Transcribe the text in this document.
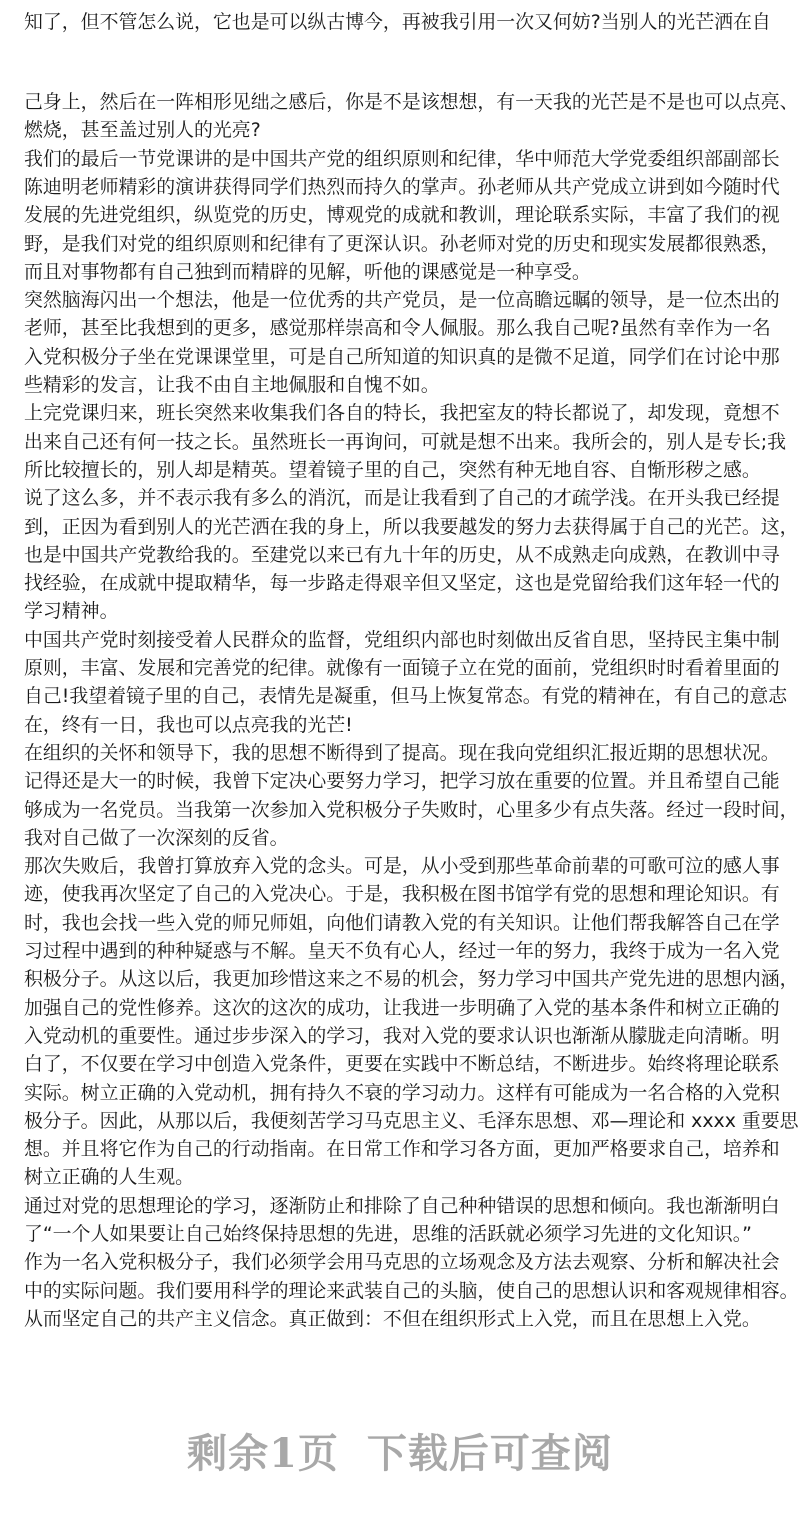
知了，但不管怎么说，它也是可以纵古博今，再被我引用一次又何妨?当别人的光芒洒在自
己身上，然后在一阵相形见绌之感后，你是不是该想想，有一天我的光芒是不是也可以点亮、
燃烧，甚至盖过别人的光亮?
我们的最后一节党课讲的是中国共产党的组织原则和纪律，华中师范大学党委组织部副部长
陈迪明老师精彩的演讲获得同学们热烈而持久的掌声。孙老师从共产党成立讲到如今随时代
发展的先进党组织，纵览党的历史，博观党的成就和教训，理论联系实际，丰富了我们的视
野，是我们对党的组织原则和纪律有了更深认识。孙老师对党的历史和现实发展都很熟悉，
而且对事物都有自己独到而精辟的见解，听他的课感觉是一种享受。
突然脑海闪出一个想法，他是一位优秀的共产党员，是一位高瞻远瞩的领导，是一位杰出的
老师，甚至比我想到的更多，感觉那样崇高和令人佩服。那么我自己呢?虽然有幸作为一名
入党积极分子坐在党课课堂里，可是自己所知道的知识真的是微不足道，同学们在讨论中那
些精彩的发言，让我不由自主地佩服和自愧不如。
上完党课归来，班长突然来收集我们各自的特长，我把室友的特长都说了，却发现，竟想不
出来自己还有何一技之长。虽然班长一再询问，可就是想不出来。我所会的，别人是专长;我
所比较擅长的，别人却是精英。望着镜子里的自己，突然有种无地自容、自惭形秽之感。
说了这么多，并不表示我有多么的消沉，而是让我看到了自己的才疏学浅。在开头我已经提
到，正因为看到别人的光芒洒在我的身上，所以我要越发的努力去获得属于自己的光芒。这，
也是中国共产党教给我的。至建党以来已有九十年的历史，从不成熟走向成熟，在教训中寻
找经验，在成就中提取精华，每一步路走得艰辛但又坚定，这也是党留给我们这年轻一代的
学习精神。
中国共产党时刻接受着人民群众的监督，党组织内部也时刻做出反省自思，坚持民主集中制
原则，丰富、发展和完善党的纪律。就像有一面镜子立在党的面前，党组织时时看着里面的
自己!我望着镜子里的自己，表情先是凝重，但马上恢复常态。有党的精神在，有自己的意志
在，终有一日，我也可以点亮我的光芒!
在组织的关怀和领导下，我的思想不断得到了提高。现在我向党组织汇报近期的思想状况。
记得还是大一的时候，我曾下定决心要努力学习，把学习放在重要的位置。并且希望自己能
够成为一名党员。当我第一次参加入党积极分子失败时，心里多少有点失落。经过一段时间，
我对自己做了一次深刻的反省。
那次失败后，我曾打算放弃入党的念头。可是，从小受到那些革命前辈的可歌可泣的感人事
迹，使我再次坚定了自己的入党决心。于是，我积极在图书馆学有党的思想和理论知识。有
时，我也会找一些入党的师兄师姐，向他们请教入党的有关知识。让他们帮我解答自己在学
习过程中遇到的种种疑惑与不解。皇天不负有心人，经过一年的努力，我终于成为一名入党
积极分子。从这以后，我更加珍惜这来之不易的机会，努力学习中国共产党先进的思想内涵，
加强自己的党性修养。这次的这次的成功，让我进一步明确了入党的基本条件和树立正确的
入党动机的重要性。通过步步深入的学习，我对入党的要求认识也渐渐从朦胧走向清晰。明
白了，不仅要在学习中创造入党条件，更要在实践中不断总结，不断进步。始终将理论联系
实际。树立正确的入党动机，拥有持久不衰的学习动力。这样有可能成为一名合格的入党积
极分子。因此，从那以后，我便刻苦学习马克思主义、毛泽东思想、邓—理论和 xxxx 重要思
想。并且将它作为自己的行动指南。在日常工作和学习各方面，更加严格要求自己，培养和
树立正确的人生观。
通过对党的思想理论的学习，逐渐防止和排除了自己种种错误的思想和倾向。我也渐渐明白
了“一个人如果要让自己始终保持思想的先进，思维的活跃就必须学习先进的文化知识。”
作为一名入党积极分子，我们必须学会用马克思的立场观念及方法去观察、分析和解决社会
中的实际问题。我们要用科学的理论来武装自己的头脑，使自己的思想认识和客观规律相容。
从而坚定自己的共产主义信念。真正做到：不但在组织形式上入党，而且在思想上入党。
剩余1页 下载后可查阅
